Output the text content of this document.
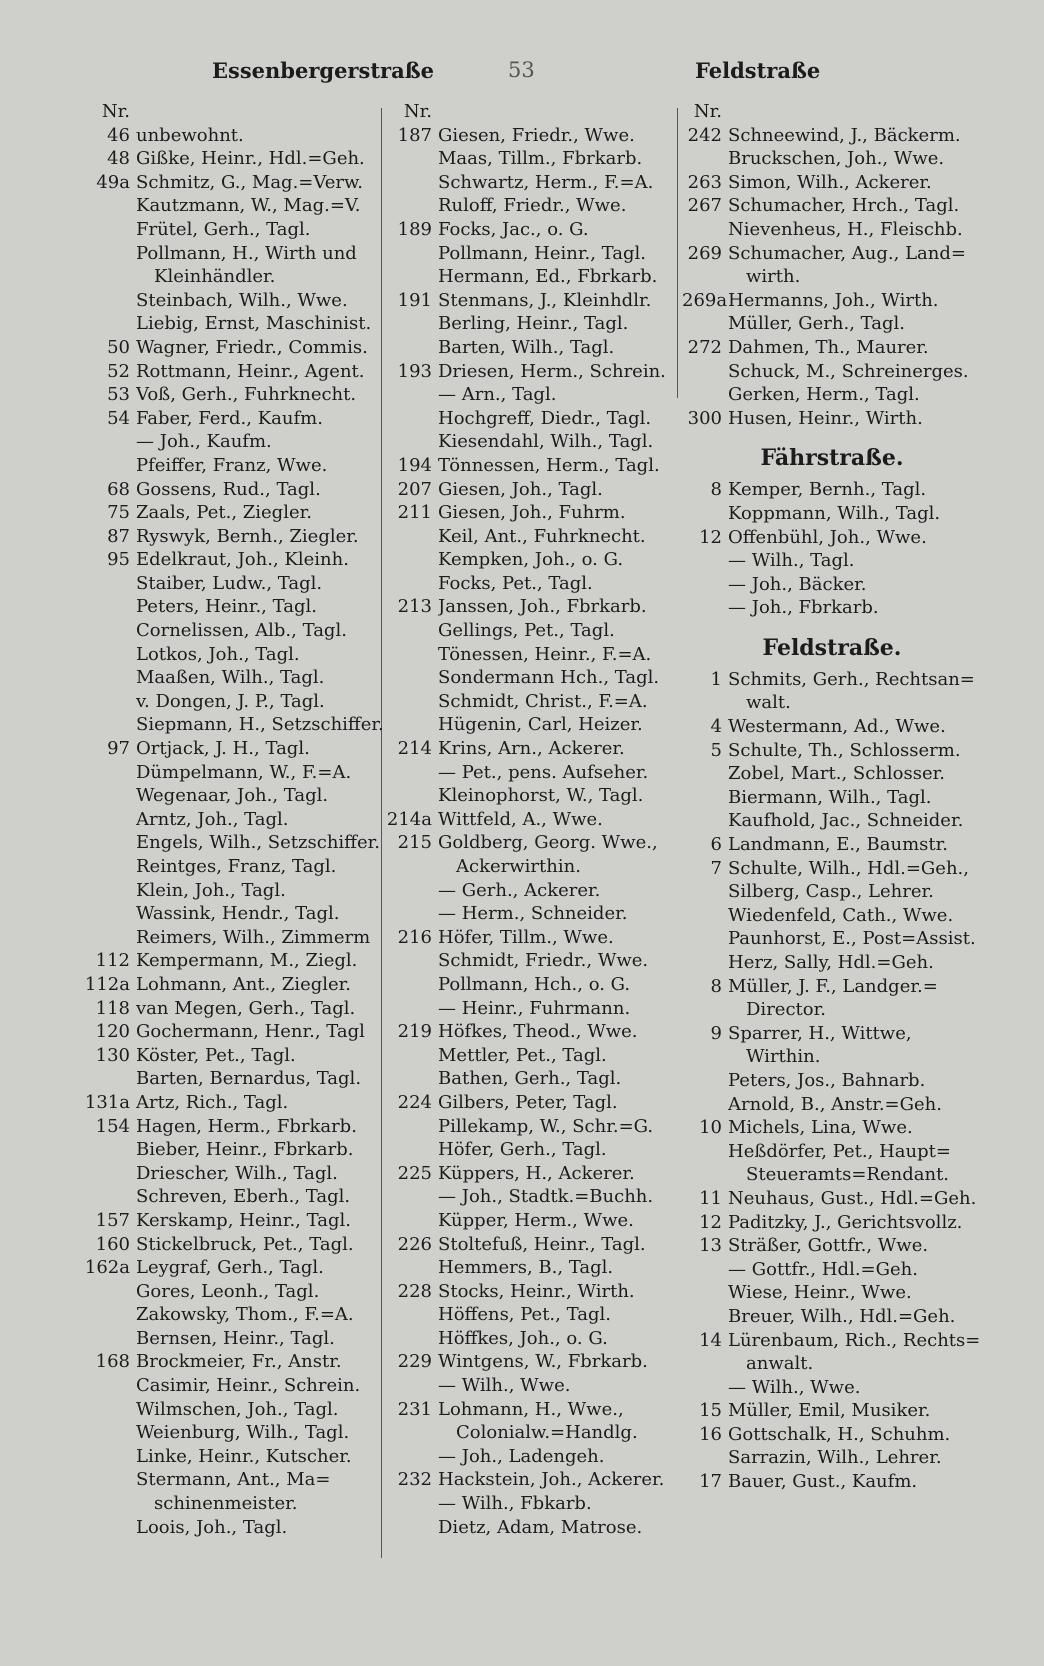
Essenbergerstraße	53	Feldstraße
Nr.
46 unbewohnt.
48 Gißke, Heinr., Hdl.=Geh.
49a Schmitz, G., Mag.=Verw.
Kautzmann, W., Mag.=V.
Frütel, Gerh., Tagl.
Pollmann, H., Wirth und
Kleinhändler.
Steinbach, Wilh., Wwe.
Liebig, Ernst, Maschinist.
50 Wagner, Friedr., Commis.
52 Rottmann, Heinr., Agent.
53 Voß, Gerh., Fuhrknecht.
54 Faber, Ferd., Kaufm.
— Joh., Kaufm.
Pfeiffer, Franz, Wwe.
68 Gossens, Rud., Tagl.
75 Zaals, Pet., Ziegler.
87 Ryswyk, Bernh., Ziegler.
95 Edelkraut, Joh., Kleinh.
Staiber, Ludw., Tagl.
Peters, Heinr., Tagl.
Cornelissen, Alb., Tagl.
Lotkos, Joh., Tagl.
Maaßen, Wilh., Tagl.
v. Dongen, J. P., Tagl.
Siepmann, H., Setzschiffer.
97 Ortjack, J. H., Tagl.
Dümpelmann, W., F.=A.
Wegenaar, Joh., Tagl.
Arntz, Joh., Tagl.
Engels, Wilh., Setzschiffer.
Reintges, Franz, Tagl.
Klein, Joh., Tagl.
Wassink, Hendr., Tagl.
Reimers, Wilh., Zimmerm
112 Kempermann, M., Ziegl.
112a Lohmann, Ant., Ziegler.
118 van Megen, Gerh., Tagl.
120 Gochermann, Henr., Tagl
130 Köster, Pet., Tagl.
Barten, Bernardus, Tagl.
131a Artz, Rich., Tagl.
154 Hagen, Herm., Fbrkarb.
Bieber, Heinr., Fbrkarb.
Driescher, Wilh., Tagl.
Schreven, Eberh., Tagl.
157 Kerskamp, Heinr., Tagl.
160 Stickelbruck, Pet., Tagl.
162a Leygraf, Gerh., Tagl.
Gores, Leonh., Tagl.
Zakowsky, Thom., F.=A.
Bernsen, Heinr., Tagl.
168 Brockmeier, Fr., Anstr.
Casimir, Heinr., Schrein.
Wilmschen, Joh., Tagl.
Weienburg, Wilh., Tagl.
Linke, Heinr., Kutscher.
Stermann, Ant., Ma=
schinenmeister.
Loois, Joh., Tagl.
Nr.
187 Giesen, Friedr., Wwe.
Maas, Tillm., Fbrkarb.
Schwartz, Herm., F.=A.
Ruloff, Friedr., Wwe.
189 Focks, Jac., o. G.
Pollmann, Heinr., Tagl.
Hermann, Ed., Fbrkarb.
191 Stenmans, J., Kleinhdlr.
Berling, Heinr., Tagl.
Barten, Wilh., Tagl.
193 Driesen, Herm., Schrein.
— Arn., Tagl.
Hochgreff, Diedr., Tagl.
Kiesendahl, Wilh., Tagl.
194 Tönnessen, Herm., Tagl.
207 Giesen, Joh., Tagl.
211 Giesen, Joh., Fuhrm.
Keil, Ant., Fuhrknecht.
Kempken, Joh., o. G.
Focks, Pet., Tagl.
213 Janssen, Joh., Fbrkarb.
Gellings, Pet., Tagl.
Tönessen, Heinr., F.=A.
Sondermann Hch., Tagl.
Schmidt, Christ., F.=A.
Hügenin, Carl, Heizer.
214 Krins, Arn., Ackerer.
— Pet., pens. Aufseher.
Kleinophorst, W., Tagl.
214a Wittfeld, A., Wwe.
215 Goldberg, Georg. Wwe.,
Ackerwirthin.
— Gerh., Ackerer.
— Herm., Schneider.
216 Höfer, Tillm., Wwe.
Schmidt, Friedr., Wwe.
Pollmann, Hch., o. G.
— Heinr., Fuhrmann.
219 Höfkes, Theod., Wwe.
Mettler, Pet., Tagl.
Bathen, Gerh., Tagl.
224 Gilbers, Peter, Tagl.
Pillekamp, W., Schr.=G.
Höfer, Gerh., Tagl.
225 Küppers, H., Ackerer.
— Joh., Stadtk.=Buchh.
Küpper, Herm., Wwe.
226 Stoltefuß, Heinr., Tagl.
Hemmers, B., Tagl.
228 Stocks, Heinr., Wirth.
Höffens, Pet., Tagl.
Höffkes, Joh., o. G.
229 Wintgens, W., Fbrkarb.
— Wilh., Wwe.
231 Lohmann, H., Wwe.,
Colonialw.=Handlg.
— Joh., Ladengeh.
232 Hackstein, Joh., Ackerer.
— Wilh., Fbkarb.
Dietz, Adam, Matrose.
Nr.
242 Schneewind, J., Bäckerm.
Bruckschen, Joh., Wwe.
263 Simon, Wilh., Ackerer.
267 Schumacher, Hrch., Tagl.
Nievenheus, H., Fleischb.
269 Schumacher, Aug., Land=
wirth.
269a Hermanns, Joh., Wirth.
Müller, Gerh., Tagl.
272 Dahmen, Th., Maurer.
Schuck, M., Schreinerges.
Gerken, Herm., Tagl.
300 Husen, Heinr., Wirth.
Fährstraße.
8 Kemper, Bernh., Tagl.
Koppmann, Wilh., Tagl.
12 Offenbühl, Joh., Wwe.
— Wilh., Tagl.
— Joh., Bäcker.
— Joh., Fbrkarb.
Feldstraße.
1 Schmits, Gerh., Rechtsan=
walt.
4 Westermann, Ad., Wwe.
5 Schulte, Th., Schlosserm.
Zobel, Mart., Schlosser.
Biermann, Wilh., Tagl.
Kaufhold, Jac., Schneider.
6 Landmann, E., Baumstr.
7 Schulte, Wilh., Hdl.=Geh.,
Silberg, Casp., Lehrer.
Wiedenfeld, Cath., Wwe.
Paunhorst, E., Post=Assist.
Herz, Sally, Hdl.=Geh.
8 Müller, J. F., Landger.=
Director.
9 Sparrer, H., Wittwe,
Wirthin.
Peters, Jos., Bahnarb.
Arnold, B., Anstr.=Geh.
10 Michels, Lina, Wwe.
Heßdörfer, Pet., Haupt=
Steueramts=Rendant.
11 Neuhaus, Gust., Hdl.=Geh.
12 Paditzky, J., Gerichtsvollz.
13 Sträßer, Gottfr., Wwe.
— Gottfr., Hdl.=Geh.
Wiese, Heinr., Wwe.
Breuer, Wilh., Hdl.=Geh.
14 Lürenbaum, Rich., Rechts=
anwalt.
— Wilh., Wwe.
15 Müller, Emil, Musiker.
16 Gottschalk, H., Schuhm.
Sarrazin, Wilh., Lehrer.
17 Bauer, Gust., Kaufm.
